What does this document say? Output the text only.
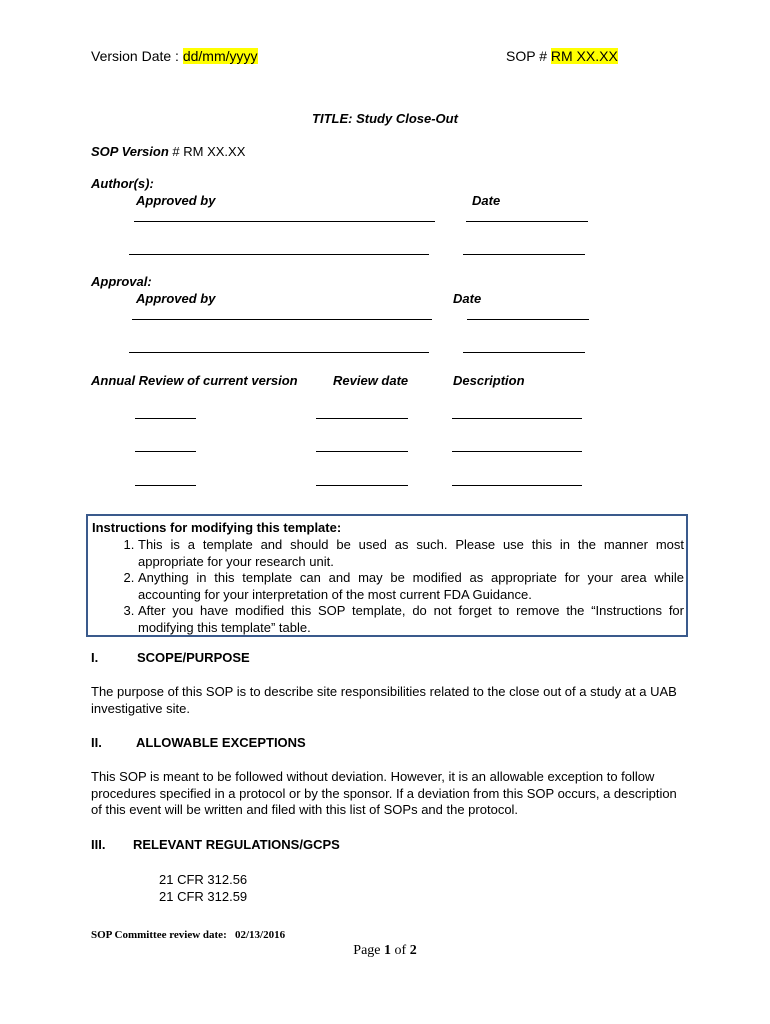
Version Date : dd/mm/yyyy	SOP # RM XX.XX
TITLE: Study Close-Out
SOP Version # RM XX.XX
Author(s):
Approved by	Date
Approval:
Approved by	Date
Annual Review of current version	Review date	Description
Instructions for modifying this template:
1. This is a template and should be used as such. Please use this in the manner most appropriate for your research unit.
2. Anything in this template can and may be modified as appropriate for your area while accounting for your interpretation of the most current FDA Guidance.
3. After you have modified this SOP template, do not forget to remove the “Instructions for modifying this template” table.
I.	SCOPE/PURPOSE
The purpose of this SOP is to describe site responsibilities related to the close out of a study at a UAB investigative site.
II.	ALLOWABLE EXCEPTIONS
This SOP is meant to be followed without deviation. However, it is an allowable exception to follow procedures specified in a protocol or by the sponsor. If a deviation from this SOP occurs, a description of this event will be written and filed with this list of SOPs and the protocol.
III. RELEVANT REGULATIONS/GCPS
21 CFR 312.56
21 CFR 312.59
SOP Committee review date: 02/13/2016
Page 1 of 2
